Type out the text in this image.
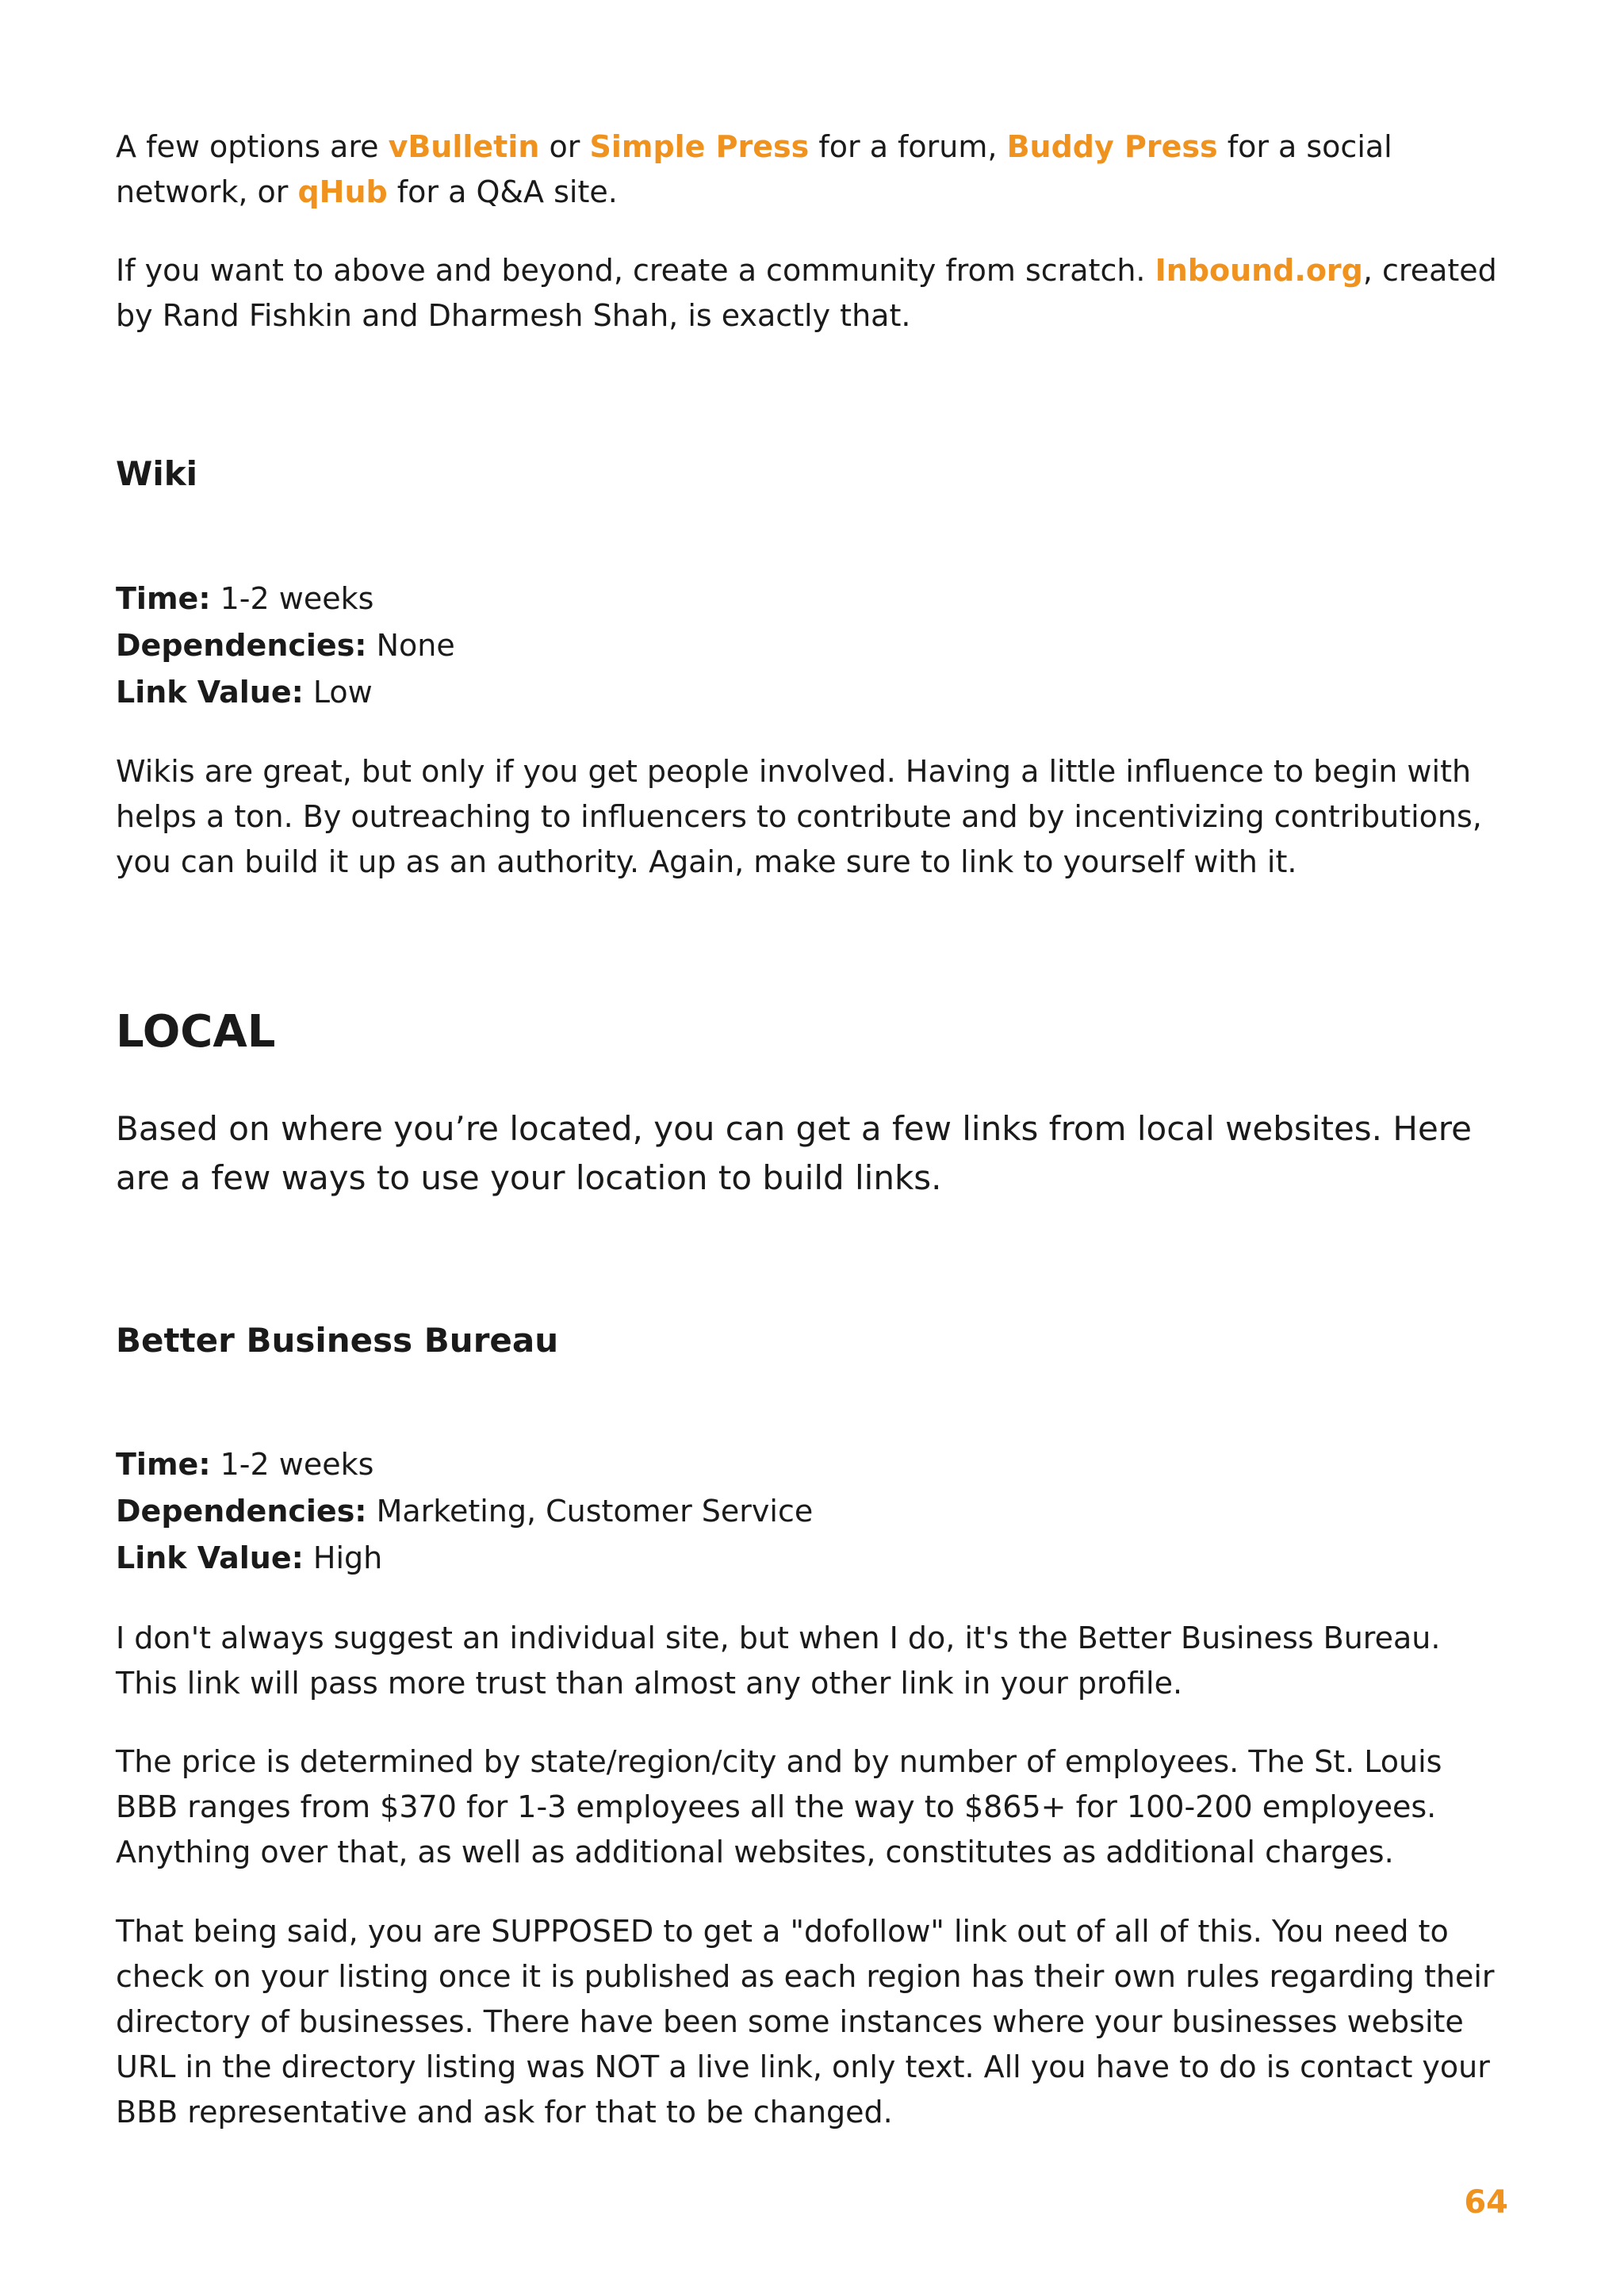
A few options are vBulletin or Simple Press for a forum, Buddy Press for a social network, or qHub for a Q&A site.

If you want to above and beyond, create a community from scratch. Inbound.org, created by Rand Fishkin and Dharmesh Shah, is exactly that.

Wiki

Time: 1-2 weeks

Dependencies: None

Link Value: Low

Wikis are great, but only if you get people involved. Having a little influence to begin with helps a ton. By outreaching to influencers to contribute and by incentivizing contributions, you can build it up as an authority. Again, make sure to link to yourself with it.

LOCAL

Based on where you’re located, you can get a few links from local websites. Here are a few ways to use your location to build links.

Better Business Bureau

Time: 1-2 weeks

Dependencies: Marketing, Customer Service

Link Value: High

I don't always suggest an individual site, but when I do, it's the Better Business Bureau. This link will pass more trust than almost any other link in your profile.

The price is determined by state/region/city and by number of employees. The St. Louis BBB ranges from $370 for 1-3 employees all the way to $865+ for 100-200 employees. Anything over that, as well as additional websites, constitutes as additional charges.

That being said, you are SUPPOSED to get a "dofollow" link out of all of this. You need to check on your listing once it is published as each region has their own rules regarding their directory of businesses. There have been some instances where your businesses website URL in the directory listing was NOT a live link, only text. All you have to do is contact your BBB representative and ask for that to be changed.

64
